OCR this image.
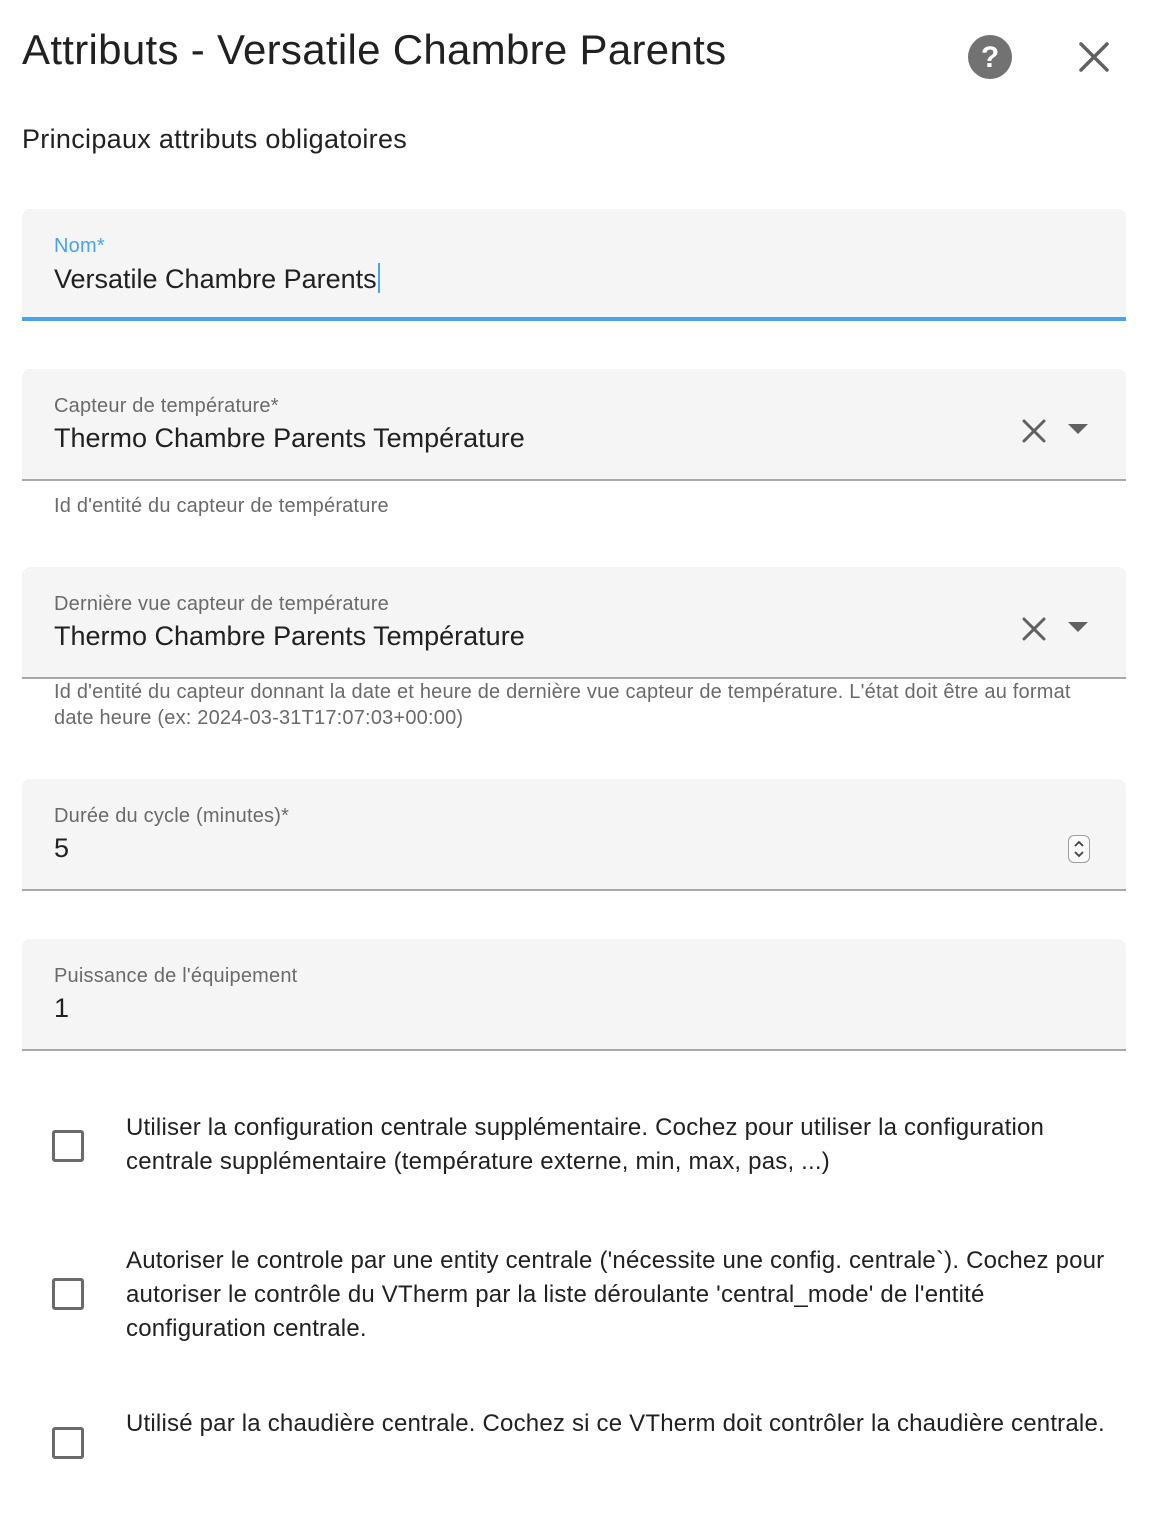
Attributs - Versatile Chambre Parents	?
Principaux attributs obligatoires
Nom*
Versatile Chambre Parents
Capteur de température*
Thermo Chambre Parents Température
Id d'entité du capteur de température
Dernière vue capteur de température
Thermo Chambre Parents Température
Id d'entité du capteur donnant la date et heure de dernière vue capteur de température. L'état doit être au format date heure (ex: 2024-03-31T17:07:03+00:00)
Durée du cycle (minutes)*
5
Puissance de l'équipement
1
Utiliser la configuration centrale supplémentaire. Cochez pour utiliser la configuration centrale supplémentaire (température externe, min, max, pas, ...)
Autoriser le controle par une entity centrale ('nécessite une config. centrale`). Cochez pour autoriser le contrôle du VTherm par la liste déroulante 'central_mode' de l'entité configuration centrale.
Utilisé par la chaudière centrale. Cochez si ce VTherm doit contrôler la chaudière centrale.
